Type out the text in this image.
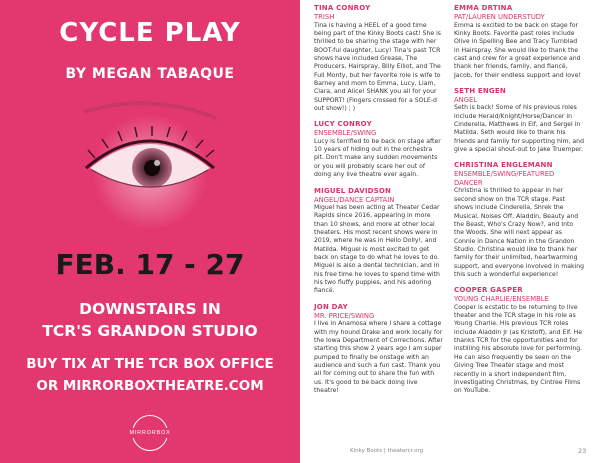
CYCLE PLAY
BY MEGAN TABAQUE
FEB. 17 - 27
DOWNSTAIRS IN
TCR'S GRANDON STUDIO
BUY TIX AT THE TCR BOX OFFICE
OR MIRRORBOXTHEATRE.COM
MIRRORBOX
TINA CONROY
TRISH

Tina is having a HEEL of a good time being part of the Kinky Boots cast! She is thrilled to be sharing the stage with her BOOT-ful daughter, Lucy! Tina's past TCR shows have included Grease, The Producers, Hairspray, Billy Elliot, and The Full Monty, but her favorite role is wife to Barney and mom to Emma, Lucy, Liam, Clara, and Alice! SHANK you all for your SUPPORT! (Fingers crossed for a SOLE-d out show!) ; )

LUCY CONROY
ENSEMBLE/SWING

Lucy is terrified to be back on stage after 10 years of hiding out in the orchestra pit. Don't make any sudden movements or you will probably scare her out of doing any live theatre ever again.

MIGUEL DAVIDSON
ANGEL/DANCE CAPTAIN

Miguel has been acting at Theater Cedar Rapids since 2016, appearing in more than 10 shows, and more at other local theaters. His most recent shows were in 2019, where he was in Hello Dolly!, and Matilda. Miguel is most excited to get back on stage to do what he loves to do. Miguel is also a dental technician, and in his free time he loves to spend time with his two fluffy puppies, and his adoring fiancé.

JON DAY
MR. PRICE/SWING

I live in Anamosa where I share a cottage with my hound Drake and work locally for the Iowa Department of Corrections. After starting this show 2 years ago I am super pumped to finally be onstage with an audience and such a fun cast. Thank you all for coming out to share the fun with us. It's good to be back doing live theatre!

EMMA DRTINA
PAT/LAUREN UNDERSTUDY

Emma is excited to be back on stage for Kinky Boots. Favorite past roles include Olive in Spelling Bee and Tracy Turnblad in Hairspray. She would like to thank the cast and crew for a great experience and thank her friends, family, and fiancé, Jacob, for their endless support and love!

SETH ENGEN
ANGEL

Seth is back! Some of his previous roles include Herald/Knight/Horse/Dancer in Cinderella, Matthews in Elf, and Sergei in Matilda. Seth would like to thank his friends and family for supporting him, and give a special shout-out to Jake Truemper.

CHRISTINA ENGLEMANN
ENSEMBLE/SWING/FEATURED DANCER

Christina is thrilled to appear in her second show on the TCR stage. Past shows include Cinderella, Shrek the Musical, Noises Off, Aladdin, Beauty and the Beast, Who's Crazy Now?, and Into the Woods. She will next appear as Connie in Dance Nation in the Grandon Studio. Christina would like to thank her family for their unlimited, heartwarming support, and everyone involved in making this such a wonderful experience!

COOPER GASPER
YOUNG CHARLIE/ENSEMBLE

Cooper is ecstatic to be returning to live theater and the TCR stage in his role as Young Charlie. His previous TCR roles include Aladdin Jr (as Kristoff), and Elf. He thanks TCR for the opportunities and for instilling his absolute love for performing. He can also frequently be seen on the Giving Tree Theater stage and most recently in a short independent film, Investigating Christmas, by Cintree Films on YouTube.

Kinky Boots | theatercr.org	23
